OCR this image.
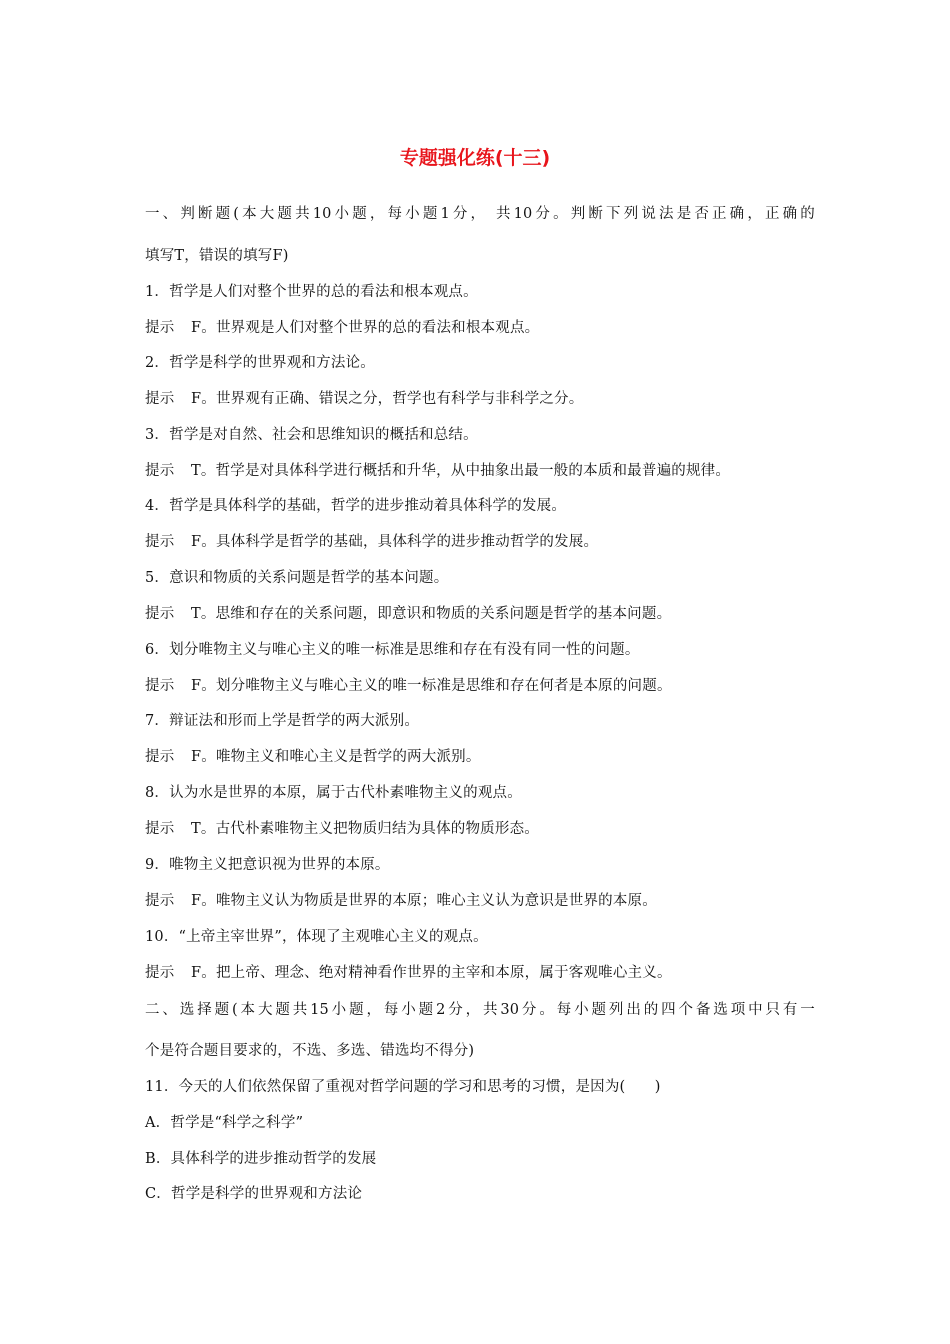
专题强化练(十三)
一、判断题(本大题共10小题，每小题1分， 共10分。判断下列说法是否正确，正确的
填写T，错误的填写F)
1．哲学是人们对整个世界的总的看法和根本观点。
提示 F。世界观是人们对整个世界的总的看法和根本观点。
2．哲学是科学的世界观和方法论。
提示 F。世界观有正确、错误之分，哲学也有科学与非科学之分。
3．哲学是对自然、社会和思维知识的概括和总结。
提示 T。哲学是对具体科学进行概括和升华，从中抽象出最一般的本质和最普遍的规律。
4．哲学是具体科学的基础，哲学的进步推动着具体科学的发展。
提示 F。具体科学是哲学的基础，具体科学的进步推动哲学的发展。
5．意识和物质的关系问题是哲学的基本问题。
提示 T。思维和存在的关系问题，即意识和物质的关系问题是哲学的基本问题。
6．划分唯物主义与唯心主义的唯一标准是思维和存在有没有同一性的问题。
提示 F。划分唯物主义与唯心主义的唯一标准是思维和存在何者是本原的问题。
7．辩证法和形而上学是哲学的两大派别。
提示 F。唯物主义和唯心主义是哲学的两大派别。
8．认为水是世界的本原，属于古代朴素唯物主义的观点。
提示 T。古代朴素唯物主义把物质归结为具体的物质形态。
9．唯物主义把意识视为世界的本原。
提示 F。唯物主义认为物质是世界的本原；唯心主义认为意识是世界的本原。
10．“上帝主宰世界”，体现了主观唯心主义的观点。
提示 F。把上帝、理念、绝对精神看作世界的主宰和本原，属于客观唯心主义。
二、选择题(本大题共15小题，每小题2分，共30分。每小题列出的四个备选项中只有一
个是符合题目要求的，不选、多选、错选均不得分)
11．今天的人们依然保留了重视对哲学问题的学习和思考的习惯，是因为(　　)
A．哲学是“科学之科学”
B．具体科学的进步推动哲学的发展
C．哲学是科学的世界观和方法论
